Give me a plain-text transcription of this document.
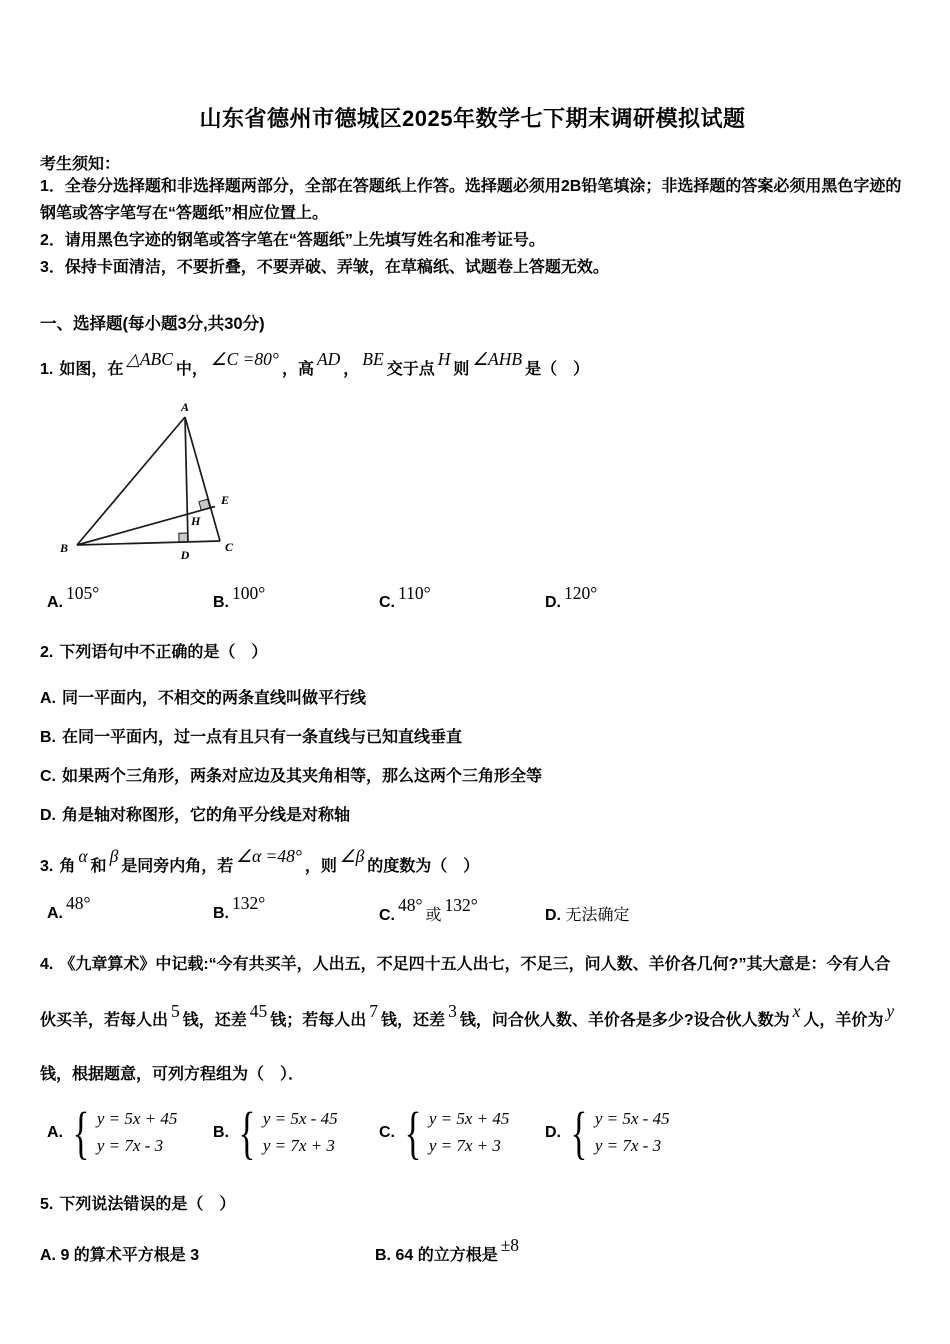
山东省德州市德城区2025年数学七下期末调研模拟试题
考生须知：

1．全卷分选择题和非选择题两部分，全部在答题纸上作答。选择题必须用2B铅笔填涂；非选择题的答案必须用黑色字迹的钢笔或答字笔写在“答题纸”相应位置上。

2．请用黑色字迹的钢笔或答字笔在“答题纸”上先填写姓名和准考证号。

3．保持卡面清洁，不要折叠，不要弄破、弄皱，在草稿纸、试题卷上答题无效。

一、选择题(每小题3分,共30分)
1. 如图，在△ABC中，∠C =80°，高AD，BE交于点H则∠AHB是（　）
A
B	C
D
E
H
A.105°
B.100°
C.110°
D.120°
2. 下列语句中不正确的是（　）

A. 同一平面内，不相交的两条直线叫做平行线

B. 在同一平面内，过一点有且只有一条直线与已知直线垂直

C. 如果两个三角形，两条对应边及其夹角相等，那么这两个三角形全等

D. 角是轴对称图形，它的角平分线是对称轴

3. 角α和β是同旁内角，若∠α =48°，则∠β的度数为（　）
A.48°
B.132°
C.48°或132°
D. 无法确定
4. 《九章算术》中记载:“今有共买羊，人出五，不足四十五人出七，不足三，问人数、羊价各几何?”其大意是：今有人合伙买羊，若每人出5钱，还差45钱；若每人出7钱，还差3钱，问合伙人数、羊价各是多少?设合伙人数为x人，羊价为y钱，根据题意，可列方程组为（　）．
A. { y = 5x + 45
y = 7x - 3
B. { y = 5x - 45
y = 7x + 3
C. { y = 5x + 45
y = 7x + 3
D. { y = 5x - 45
y = 7x - 3
5. 下列说法错误的是（　）
A. 9 的算术平方根是 3	B. 64 的立方根是±8
